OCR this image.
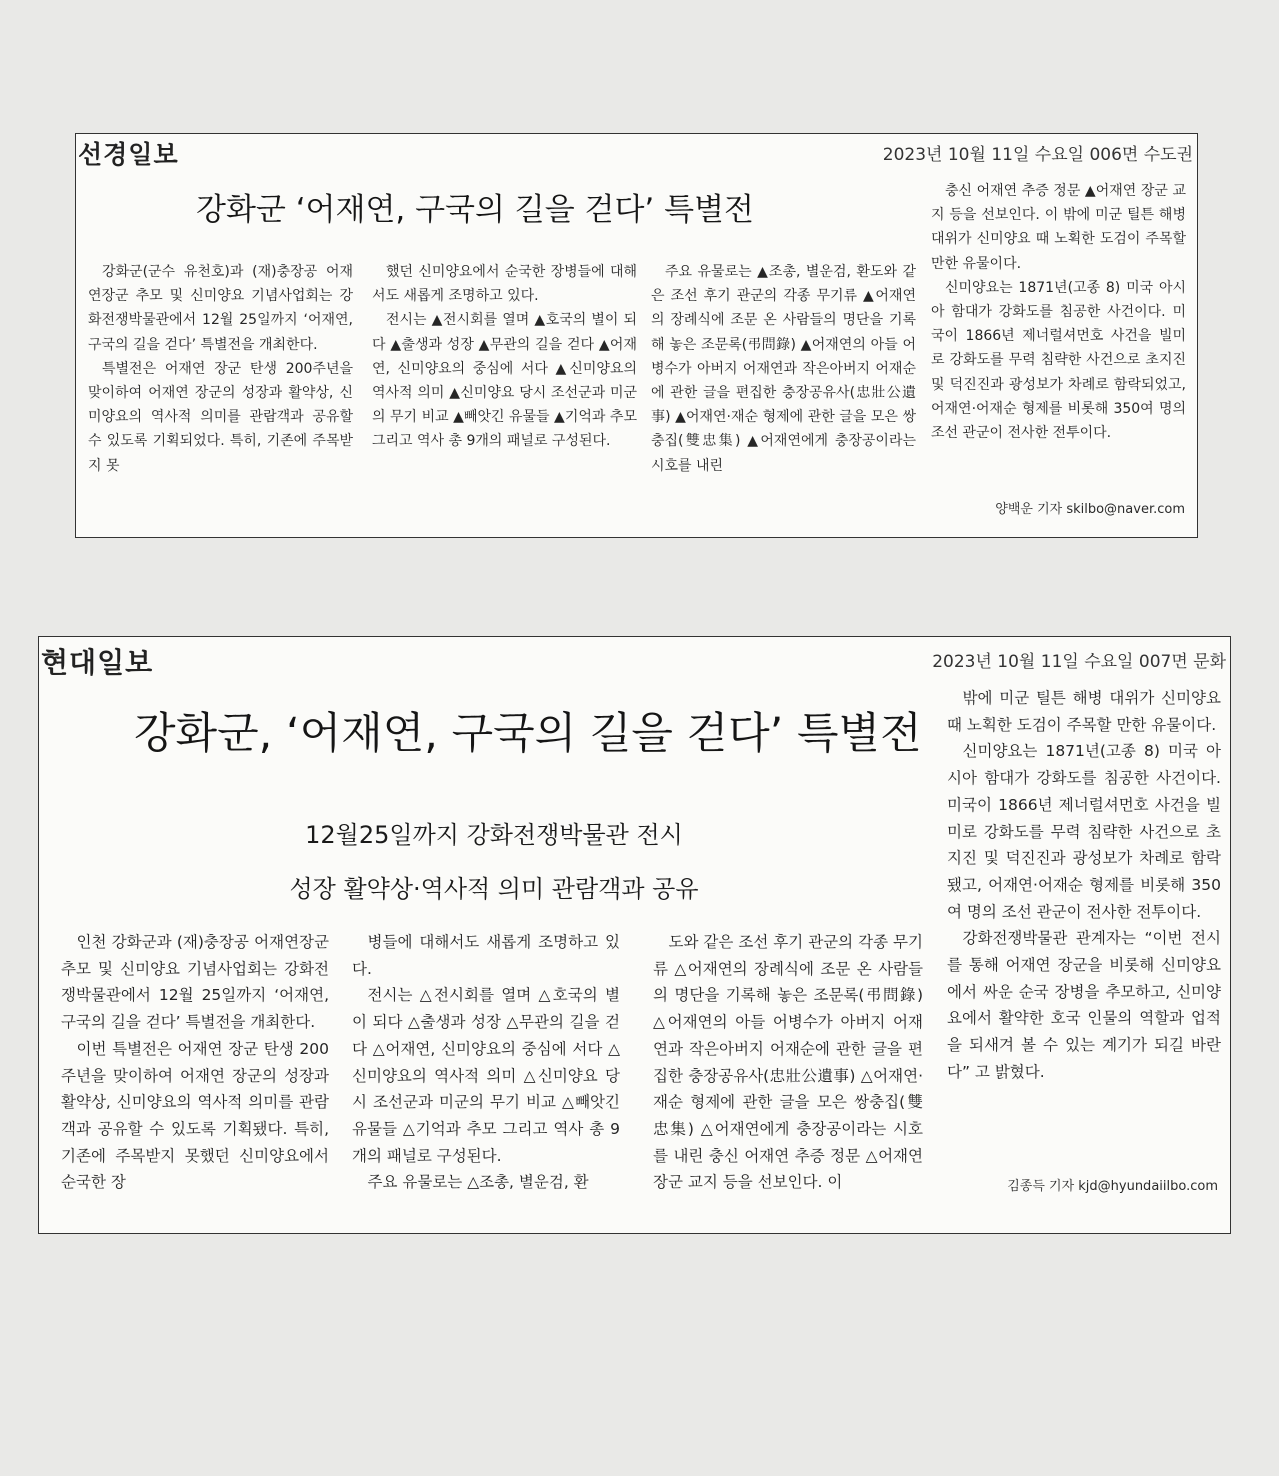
선경일보	2023년 10월 11일 수요일 006면 수도권
강화군 ‘어재연, 구국의 길을 걷다’ 특별전

강화군(군수 유천호)과 (재)충장공 어재연장군 추모 및 신미양요 기념사업회는 강화전쟁박물관에서 12월 25일까지 ‘어재연, 구국의 길을 걷다’ 특별전을 개최한다.

특별전은 어재연 장군 탄생 200주년을 맞이하여 어재연 장군의 성장과 활약상, 신미양요의 역사적 의미를 관람객과 공유할 수 있도록 기획되었다. 특히, 기존에 주목받지 못

했던 신미양요에서 순국한 장병들에 대해서도 새롭게 조명하고 있다.

전시는 ▲전시회를 열며 ▲호국의 별이 되다 ▲출생과 성장 ▲무관의 길을 걷다 ▲어재연, 신미양요의 중심에 서다 ▲신미양요의 역사적 의미 ▲신미양요 당시 조선군과 미군의 무기 비교 ▲빼앗긴 유물들 ▲기억과 추모 그리고 역사 총 9개의 패널로 구성된다.

주요 유물로는 ▲조총, 별운검, 환도와 같은 조선 후기 관군의 각종 무기류 ▲어재연의 장례식에 조문 온 사람들의 명단을 기록해 놓은 조문록(弔問錄) ▲어재연의 아들 어병수가 아버지 어재연과 작은아버지 어재순에 관한 글을 편집한 충장공유사(忠壯公遺事) ▲어재연·재순 형제에 관한 글을 모은 쌍충집(雙忠集) ▲어재연에게 충장공이라는 시호를 내린

충신 어재연 추증 정문 ▲어재연 장군 교지 등을 선보인다. 이 밖에 미군 틸튼 해병 대위가 신미양요 때 노획한 도검이 주목할 만한 유물이다.

신미양요는 1871년(고종 8) 미국 아시아 함대가 강화도를 침공한 사건이다. 미국이 1866년 제너럴셔먼호 사건을 빌미로 강화도를 무력 침략한 사건으로 초지진 및 덕진진과 광성보가 차례로 함락되었고, 어재연·어재순 형제를 비롯해 350여 명의 조선 관군이 전사한 전투이다.

양백운 기자 skilbo@naver.com
현대일보	2023년 10월 11일 수요일 007면 문화
강화군, ‘어재연, 구국의 길을 걷다’ 특별전
12월25일까지 강화전쟁박물관 전시
성장 활약상·역사적 의미 관람객과 공유

인천 강화군과 (재)충장공 어재연장군 추모 및 신미양요 기념사업회는 강화전쟁박물관에서 12월 25일까지 ‘어재연, 구국의 길을 걷다’ 특별전을 개최한다.

이번 특별전은 어재연 장군 탄생 200주년을 맞이하여 어재연 장군의 성장과 활약상, 신미양요의 역사적 의미를 관람객과 공유할 수 있도록 기획됐다. 특히, 기존에 주목받지 못했던 신미양요에서 순국한 장

병들에 대해서도 새롭게 조명하고 있다.

전시는 △전시회를 열며 △호국의 별이 되다 △출생과 성장 △무관의 길을 걷다 △어재연, 신미양요의 중심에 서다 △신미양요의 역사적 의미 △신미양요 당시 조선군과 미군의 무기 비교 △빼앗긴 유물들 △기억과 추모 그리고 역사 총 9개의 패널로 구성된다.

주요 유물로는 △조총, 별운검, 환

도와 같은 조선 후기 관군의 각종 무기류 △어재연의 장례식에 조문 온 사람들의 명단을 기록해 놓은 조문록(弔問錄) △어재연의 아들 어병수가 아버지 어재연과 작은아버지 어재순에 관한 글을 편집한 충장공유사(忠壯公遺事) △어재연·재순 형제에 관한 글을 모은 쌍충집(雙忠集) △어재연에게 충장공이라는 시호를 내린 충신 어재연 추증 정문 △어재연 장군 교지 등을 선보인다. 이

밖에 미군 틸튼 해병 대위가 신미양요 때 노획한 도검이 주목할 만한 유물이다.

신미양요는 1871년(고종 8) 미국 아시아 함대가 강화도를 침공한 사건이다. 미국이 1866년 제너럴셔먼호 사건을 빌미로 강화도를 무력 침략한 사건으로 초지진 및 덕진진과 광성보가 차례로 함락됐고, 어재연·어재순 형제를 비롯해 350여 명의 조선 관군이 전사한 전투이다.

강화전쟁박물관 관계자는 “이번 전시를 통해 어재연 장군을 비롯해 신미양요에서 싸운 순국 장병을 추모하고, 신미양요에서 활약한 호국 인물의 역할과 업적을 되새겨 볼 수 있는 계기가 되길 바란다” 고 밝혔다.

김종득 기자 kjd@hyundaiilbo.com
